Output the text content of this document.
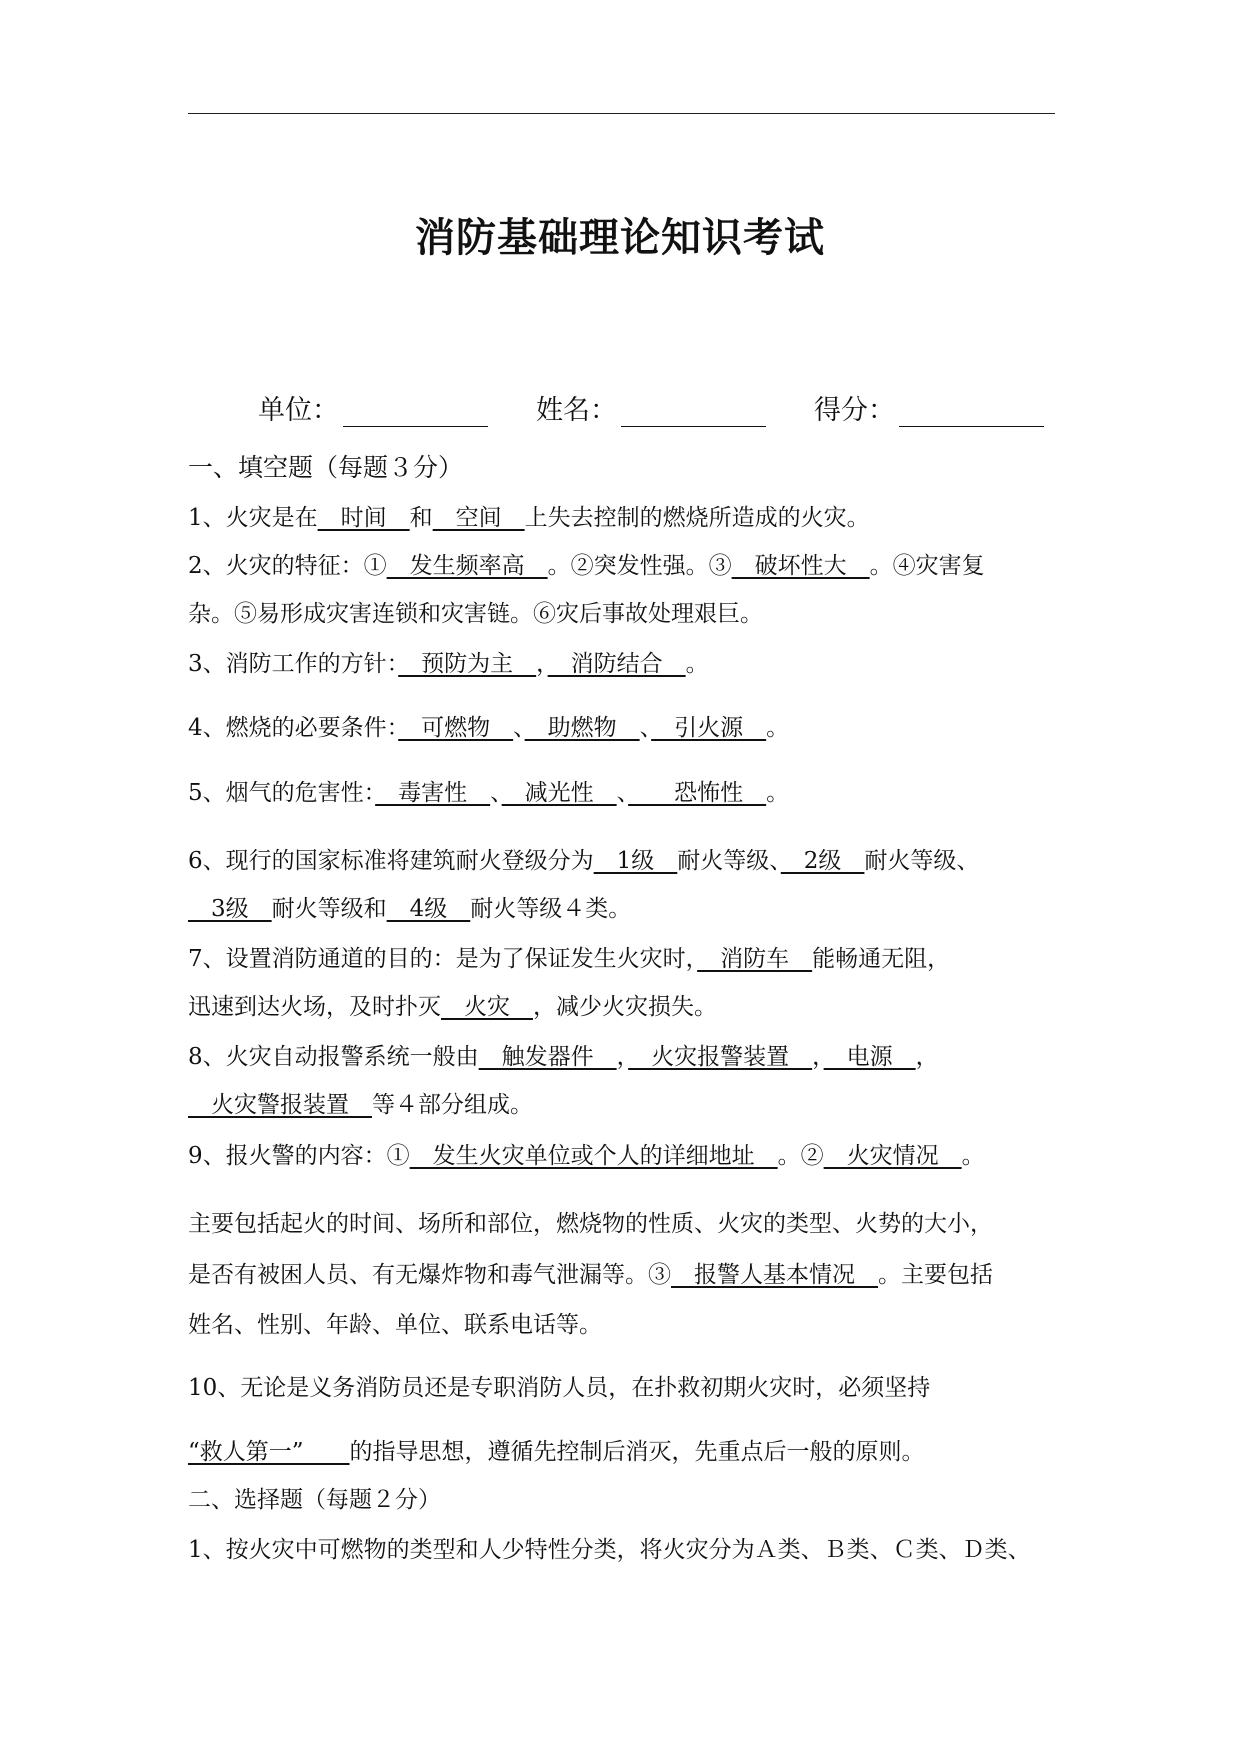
消防基础理论知识考试
单位：	姓名：	得分：
一、填空题（每题３分）
1、火灾是在　时间　和　空间　上失去控制的燃烧所造成的火灾。
2、火灾的特征：①　发生频率高　。②突发性强。③　破坏性大　。④灾害复
杂。⑤易形成灾害连锁和灾害链。⑥灾后事故处理艰巨。
3、消防工作的方针：　预防为主　，　消防结合　。
4、燃烧的必要条件：　可燃物　、　助燃物　、　引火源　。
5、烟气的危害性：　毒害性　、　减光性　、　　恐怖性　。
6、现行的国家标准将建筑耐火登级分为　1级　耐火等级、　2级　耐火等级、
　3级　耐火等级和　4级　耐火等级４类。
7、设置消防通道的目的：是为了保证发生火灾时，　消防车　能畅通无阻，
迅速到达火场，及时扑灭　火灾　，减少火灾损失。
8、火灾自动报警系统一般由　触发器件　，　火灾报警装置　，　电源　，
　火灾警报装置　等４部分组成。
9、报火警的内容：①　发生火灾单位或个人的详细地址　。②　火灾情况　。
主要包括起火的时间、场所和部位，燃烧物的性质、火灾的类型、火势的大小，
是否有被困人员、有无爆炸物和毒气泄漏等。③　报警人基本情况　。主要包括
姓名、性别、年龄、单位、联系电话等。
10、无论是义务消防员还是专职消防人员，在扑救初期火灾时，必须坚持
“救人第一”　　的指导思想，遵循先控制后消灭，先重点后一般的原则。
二、选择题（每题２分）
1、按火灾中可燃物的类型和人少特性分类，将火灾分为Ａ类、Ｂ类、Ｃ类、Ｄ类、
